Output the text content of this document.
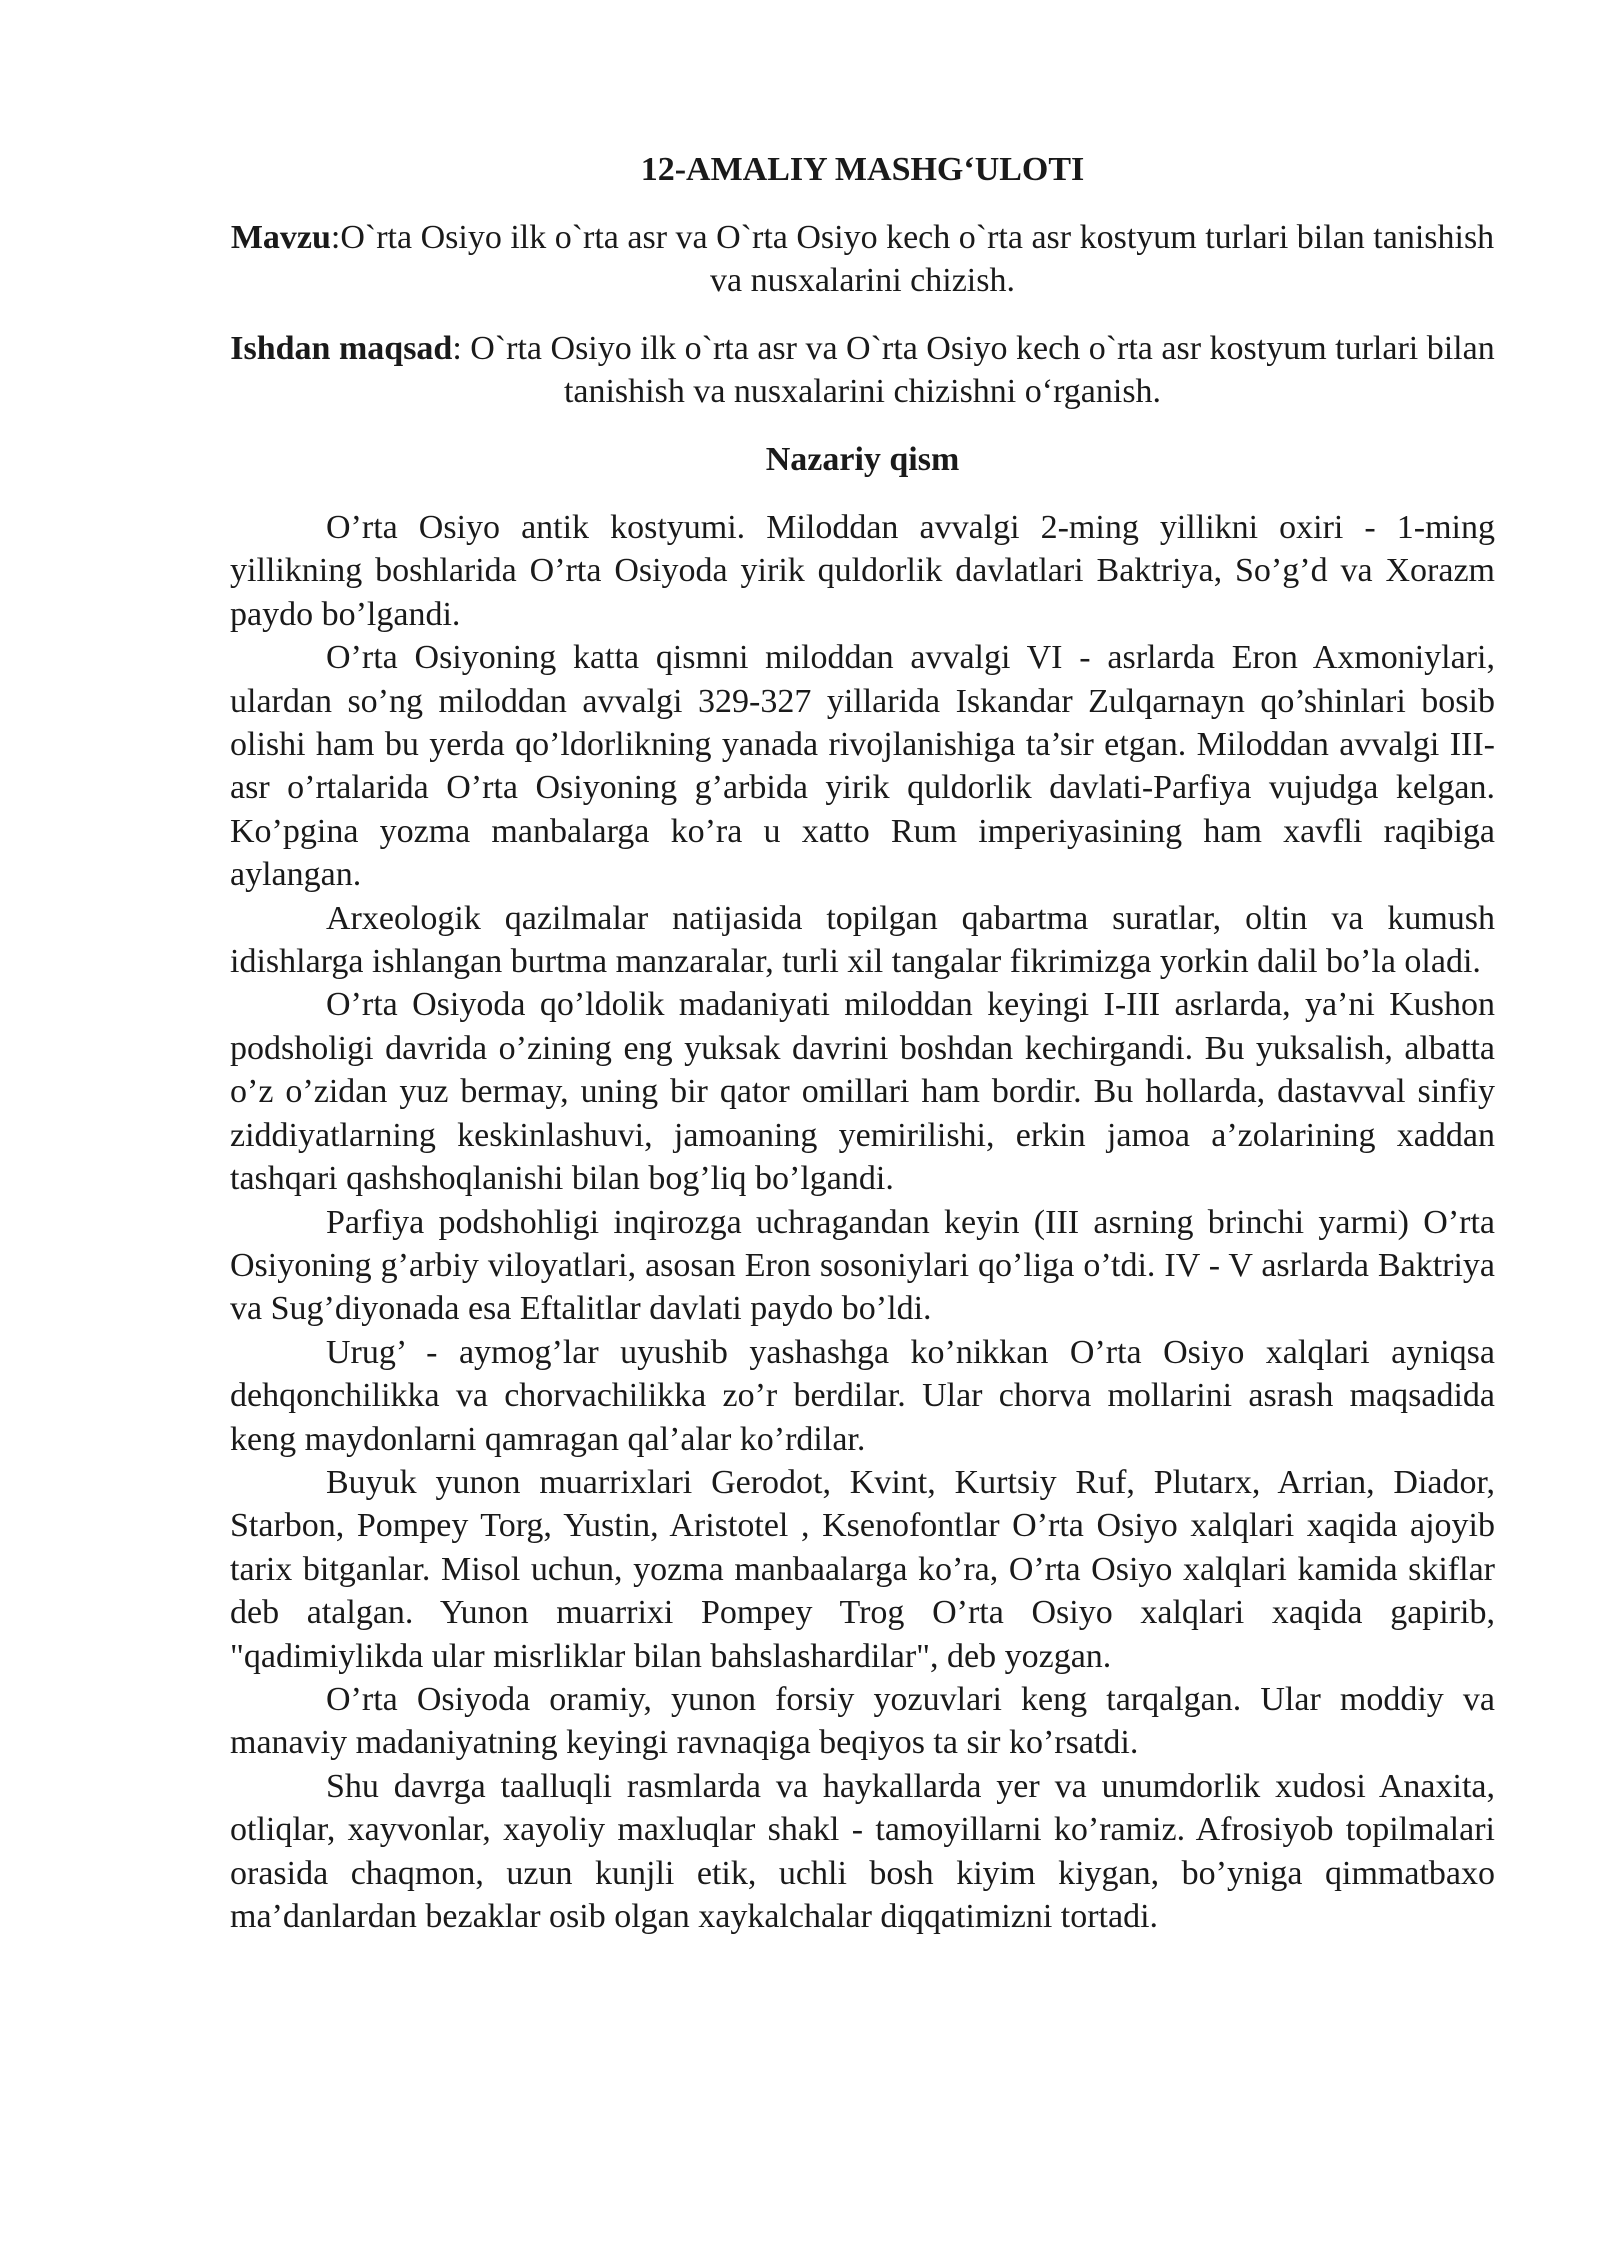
12-AMALIY MASHG‘ULOTI

Mavzu:O`rta Osiyo ilk o`rta asr va O`rta Osiyo kech o`rta asr kostyum turlari bilan tanishish va nusxalarini chizish.

Ishdan maqsad: O`rta Osiyo ilk o`rta asr va O`rta Osiyo kech o`rta asr kostyum turlari bilan tanishish va nusxalarini chizishni o‘rganish.

Nazariy qism

O’rta Osiyo antik kostyumi. Miloddan avvalgi 2-ming yillikni oxiri - 1-ming yillikning boshlarida O’rta Osiyoda yirik quldorlik davlatlari Baktriya, So’g’d va Xorazm paydo bo’lgandi.

O’rta Osiyoning katta qismni miloddan avvalgi VI - asrlarda Eron Axmoniylari, ulardan so’ng miloddan avvalgi 329-327 yillarida Iskandar Zulqarnayn qo’shinlari bosib olishi ham bu yerda qo’ldorlikning yanada rivojlanishiga ta’sir etgan. Miloddan avvalgi III-asr o’rtalarida O’rta Osiyoning g’arbida yirik quldorlik davlati-Parfiya vujudga kelgan. Ko’pgina yozma manbalarga ko’ra u xatto Rum imperiyasining ham xavfli raqibiga aylangan.

Arxeologik qazilmalar natijasida topilgan qabartma suratlar, oltin va kumush idishlarga ishlangan burtma manzaralar, turli xil tangalar fikrimizga yorkin dalil bo’la oladi.

O’rta Osiyoda qo’ldolik madaniyati miloddan keyingi I-III asrlarda, ya’ni Kushon podsholigi davrida o’zining eng yuksak davrini boshdan kechirgandi. Bu yuksalish, albatta o’z o’zidan yuz bermay, uning bir qator omillari ham bordir. Bu hollarda, dastavval sinfiy ziddiyatlarning keskinlashuvi, jamoaning yemirilishi, erkin jamoa a’zolarining xaddan tashqari qashshoqlanishi bilan bog’liq bo’lgandi.

Parfiya podshohligi inqirozga uchragandan keyin (III asrning brinchi yarmi) O’rta Osiyoning g’arbiy viloyatlari, asosan Eron sosoniylari qo’liga o’tdi. IV - V asrlarda Baktriya va Sug’diyonada esa Eftalitlar davlati paydo bo’ldi.

Urug’ - aymog’lar uyushib yashashga ko’nikkan O’rta Osiyo xalqlari ayniqsa dehqonchilikka va chorvachilikka zo’r berdilar. Ular chorva mollarini asrash maqsadida keng maydonlarni qamragan qal’alar ko’rdilar.

Buyuk yunon muarrixlari Gerodot, Kvint, Kurtsiy Ruf, Plutarx, Arrian, Diador, Starbon, Pompey Torg, Yustin, Aristotel , Ksenofontlar O’rta Osiyo xalqlari xaqida ajoyib tarix bitganlar. Misol uchun, yozma manbaalarga ko’ra, O’rta Osiyo xalqlari kamida skiflar deb atalgan. Yunon muarrixi Pompey Trog O’rta Osiyo xalqlari xaqida gapirib, "qadimiylikda ular misrliklar bilan bahslashardilar", deb yozgan.

O’rta Osiyoda oramiy, yunon forsiy yozuvlari keng tarqalgan. Ular moddiy va manaviy madaniyatning keyingi ravnaqiga beqiyos ta sir ko’rsatdi.

Shu davrga taalluqli rasmlarda va haykallarda yer va unumdorlik xudosi Anaxita, otliqlar, xayvonlar, xayoliy maxluqlar shakl - tamoyillarni ko’ramiz. Afrosiyob topilmalari orasida chaqmon, uzun kunjli etik, uchli bosh kiyim kiygan, bo’yniga qimmatbaxo ma’danlardan bezaklar osib olgan xaykalchalar diqqatimizni tortadi.
